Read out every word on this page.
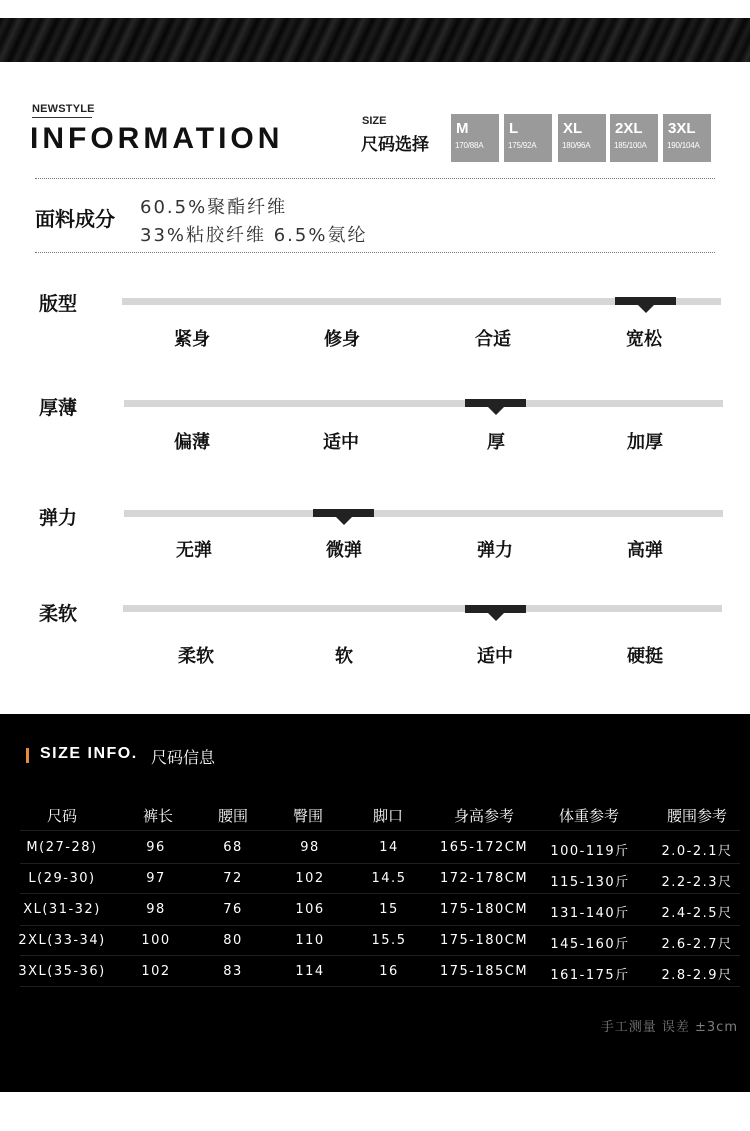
NEWSTYLE
INFORMATION
SIZE
尺码选择
M
170/88A
L
175/92A
XL
180/96A
2XL
185/100A
3XL
190/104A
面料成分 60.5%聚酯纤维
33%粘胶纤维 6.5%氨纶
版型
紧身	修身	合适	宽松
厚薄
偏薄	适中	厚	加厚
弹力
无弹	微弹	弹力	高弹
柔软
柔软	软	适中	硬挺
SIZE INFO. 尺码信息
尺码	裤长	腰围	臀围	脚口	身高参考	体重参考	腰围参考
M(27-28)	96	68	98	14	165-172CM	100-119斤	2.0-2.1尺
L(29-30)	97	72	102	14.5	172-178CM	115-130斤	2.2-2.3尺
XL(31-32)	98	76	106	15	175-180CM	131-140斤	2.4-2.5尺
2XL(33-34)	100	80	110	15.5	175-180CM	145-160斤	2.6-2.7尺
3XL(35-36)	102	83	114	16	175-185CM	161-175斤	2.8-2.9尺
手工测量 误差 ±3cm
